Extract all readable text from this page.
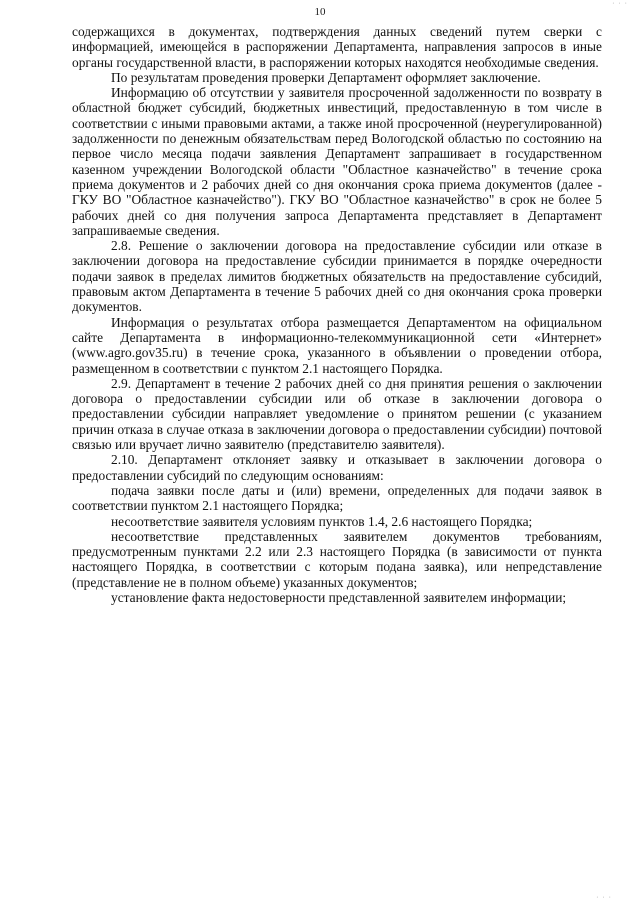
· · ·
10

содержащихся в документах, подтверждения данных сведений путем сверки с информацией, имеющейся в распоряжении Департамента, направления запросов в иные органы государственной власти, в распоряжении которых находятся необходимые сведения.

По результатам проведения проверки Департамент оформляет заключение.

Информацию об отсутствии у заявителя просроченной задолженности по возврату в областной бюджет субсидий, бюджетных инвестиций, предоставленную в том числе в соответствии с иными правовыми актами, а также иной просроченной (неурегулированной) задолженности по денежным обязательствам перед Вологодской областью по состоянию на первое число месяца подачи заявления Департамент запрашивает в государственном казенном учреждении Вологодской области "Областное казначейство" в течение срока приема документов и 2 рабочих дней со дня окончания срока приема документов (далее - ГКУ ВО "Областное казначейство"). ГКУ ВО "Областное казначейство" в срок не более 5 рабочих дней со дня получения запроса Департамента представляет в Департамент запрашиваемые сведения.

2.8. Решение о заключении договора на предоставление субсидии или отказе в заключении договора на предоставление субсидии принимается в порядке очередности подачи заявок в пределах лимитов бюджетных обязательств на предоставление субсидий, правовым актом Департамента в течение 5 рабочих дней со дня окончания срока проверки документов.

Информация о результатах отбора размещается Департаментом на официальном сайте Департамента в информационно-телекоммуникационной сети «Интернет» (www.agro.gov35.ru) в течение срока, указанного в объявлении о проведении отбора, размещенном в соответствии с пунктом 2.1 настоящего Порядка.

2.9. Департамент в течение 2 рабочих дней со дня принятия решения о заключении договора о предоставлении субсидии или об отказе в заключении договора о предоставлении субсидии направляет уведомление о принятом решении (с указанием причин отказа в случае отказа в заключении договора о предоставлении субсидии) почтовой связью или вручает лично заявителю (представителю заявителя).

2.10. Департамент отклоняет заявку и отказывает в заключении договора о предоставлении субсидий по следующим основаниям:

подача заявки после даты и (или) времени, определенных для подачи заявок в соответствии пунктом 2.1 настоящего Порядка;

несоответствие заявителя условиям пунктов 1.4, 2.6 настоящего Порядка;

несоответствие представленных заявителем документов требованиям, предусмотренным пунктами 2.2 или 2.3 настоящего Порядка (в зависимости от пункта настоящего Порядка, в соответствии с которым подана заявка), или непредставление (представление не в полном объеме) указанных документов;

установление факта недостоверности представленной заявителем информации;

· · ·
